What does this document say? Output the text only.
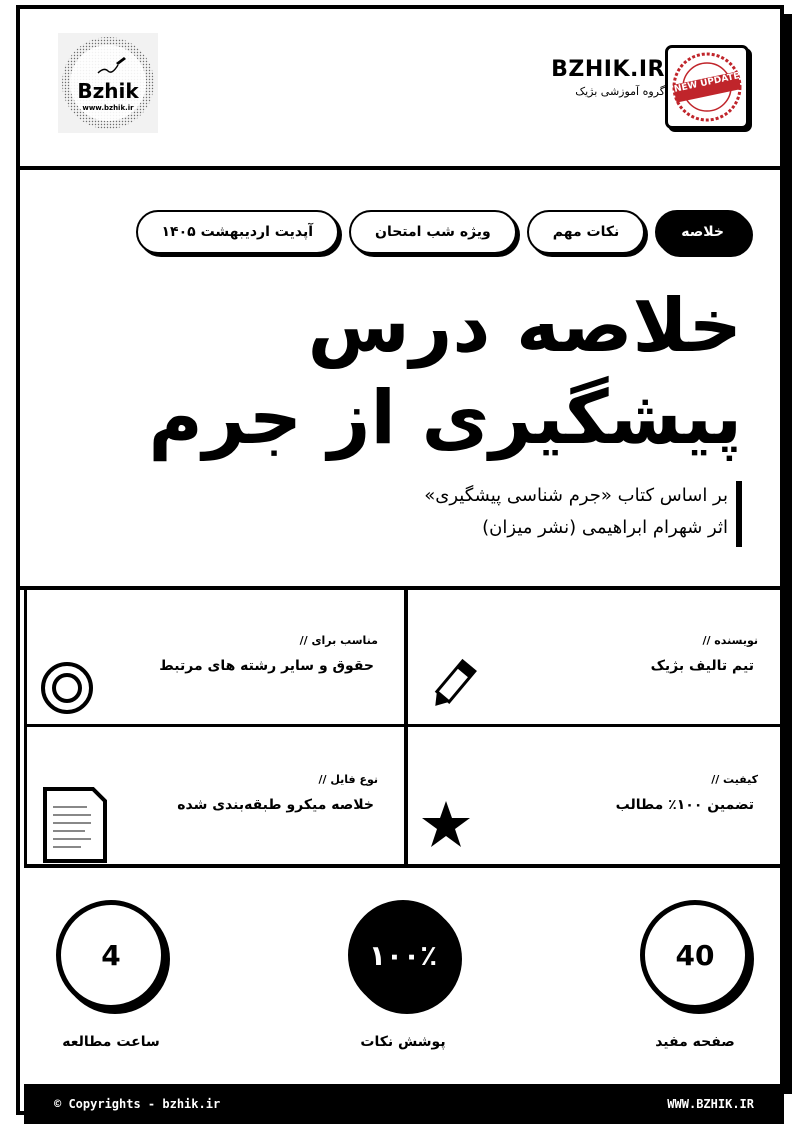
Bzhik
www.bzhik.ir
BZHIK.IR
گروه آموزشی بژیک NEW UPDATE
خلاصه
نکات مهم
ویژه شب امتحان
آپدیت اردیبهشت ۱۴۰۵
خلاصه درس
پیشگیری از جرم
بر اساس کتاب «جرم شناسی پیشگیری»
اثر شهرام ابراهیمی (نشر میزان)
نویسنده //
تیم تالیف بژیک
مناسب برای //
حقوق و سایر رشته های مرتبط
کیفیت //
تضمین ۱۰۰٪ مطالب
نوع فایل //
خلاصه میکرو طبقه‌بندی شده
40
صفحه مفید
۱۰۰٪
پوشش نکات
4
ساعت مطالعه
© Copyrights - bzhik.ir	WWW.BZHIK.IR
